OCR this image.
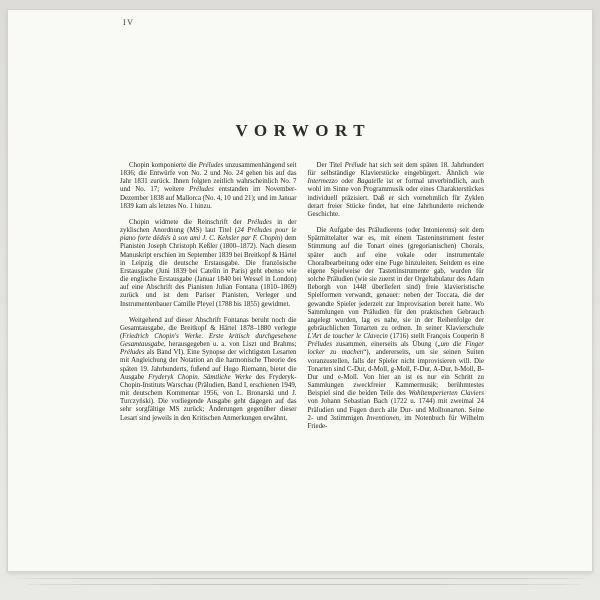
IV
VORWORT

Chopin komponierte die Préludes unzusammenhängend seit 1836; die Entwürfe von No. 2 und No. 24 gehen bis auf das Jahr 1831 zurück. Ihnen folgten zeitlich wahrscheinlich No. 7 und No. 17; weitere Préludes entstanden im November-Dezember 1838 auf Mallorca (No. 4, 10 und 21); und im Januar 1839 kam als letztes No. 1 hinzu.

Chopin widmete die Reinschrift der Préludes in der zyklischen Anordnung (MS) laut Titel (24 Préludes pour le piano forte dédiés à son ami J. C. Kehsler par F. Chopin) dem Pianisten Joseph Christoph Keßler (1800–1872). Nach diesem Manuskript erschien im September 1839 bei Breitkopf & Härtel in Leipzig die deutsche Erstausgabe. Die französische Erstausgabe (Juni 1839 bei Catelin in Paris) geht ebenso wie die englische Erstausgabe (Januar 1840 bei Wessel in London) auf eine Abschrift des Pianisten Julian Fontana (1810–1869) zurück und ist dem Pariser Pianisten, Verleger und Instrumentenbauer Camille Pleyel (1788 bis 1855) gewidmet.

Weitgehend auf dieser Abschrift Fontanas beruht noch die Gesamtausgabe, die Breitkopf & Härtel 1878–1880 verlegte (Friedrich Chopin's Werke. Erste kritisch durchgesehene Gesamtausgabe, herausgegeben u. a. von Liszt und Brahms; Préludes als Band VI). Eine Synopse der wichtigsten Lesarten mit Angleichung der Notation an die harmonische Theorie des späten 19. Jahrhunderts, fußend auf Hugo Riemann, bietet die Ausgabe Fryderyk Chopin. Sämtliche Werke des Fryderyk-Chopin-Instituts Warschau (Präludien, Band I, erschienen 1949, mit deutschem Kommentar 1956, von L. Bronarski und J. Turczyński). Die vorliegende Ausgabe geht dagegen auf das sehr sorgfältige MS zurück; Änderungen gegenüber dieser Lesart sind jeweils in den Kritischen Anmerkungen erwähnt.

Der Titel Prélude hat sich seit dem späten 18. Jahrhundert für selbständige Klavierstücke eingebürgert. Ähnlich wie Intermezzo oder Bagatelle ist er formal unverbindlich, auch wohl im Sinne von Programmusik oder eines Charakterstückes individuell präzisiert. Daß er sich vornehmlich für Zyklen derart freier Stücke findet, hat eine Jahrhunderte reichende Geschichte.

Die Aufgabe des Präludierens (oder Intonierens) seit dem Spätmittelalter war es, mit einem Tasteninstrument fester Stimmung auf die Tonart eines (gregorianischen) Chorals, später auch auf eine vokale oder instrumentale Choralbearbeitung oder eine Fuge hinzuleiten. Seitdem es eine eigene Spielweise der Tasteninstrumente gab, wurden für solche Präludien (wie sie zuerst in der Orgeltabulatur des Adam Ileborgh von 1448 überliefert sind) freie klavieristische Spielformen verwandt, genauer: neben der Toccata, die der gewandte Spieler jederzeit zur Improvisation bereit hatte. Wo Sammlungen von Präludien für den praktischen Gebrauch angelegt wurden, lag es nahe, sie in der Reihenfolge der gebräuchlichen Tonarten zu ordnen. In seiner Klavierschule L'Art de toucher le Clavecin (1716) stellt François Couperin 8 Préludes zusammen, einerseits als Übung („um die Finger locker zu machen“), andererseits, um sie seinen Suiten voranzustellen, falls der Spieler nicht improvisieren will. Die Tonarten sind C-Dur, d-Moll, g-Moll, F-Dur, A-Dur, h-Moll, B-Dur und e-Moll. Von hier an ist es nur ein Schritt zu Sammlungen zweckfreier Kammermusik; berühmtestes Beispiel sind die beiden Teile des Wohltemperierten Claviers von Johann Sebastian Bach (1722 u. 1744) mit zweimal 24 Präludien und Fugen durch alle Dur- und Molltonarten. Seine 2- und 3stimmigen Inventionen, im Notenbuch für Wilhelm Friede-
